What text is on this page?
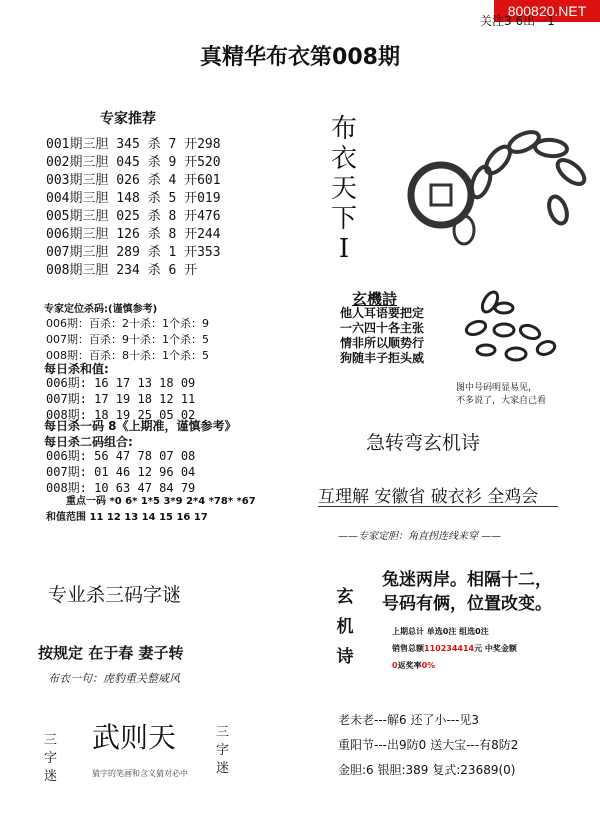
800820.NET
关注3 6出一1
真精华布衣第008期
专家推荐
001期三胆 345 杀 7 开298
002期三胆 045 杀 9 开520
003期三胆 026 杀 4 开601
004期三胆 148 杀 5 开019
005期三胆 025 杀 8 开476
006期三胆 126 杀 8 开244
007期三胆 289 杀 1 开353
008期三胆 234 杀 6 开
专家定位杀码:(谨慎参考)
006期：百杀：2十杀：1个杀：9
007期：百杀：9十杀：1个杀：5
008期：百杀：8十杀：1个杀：5
每日杀和值:
006期: 16 17 13 18 09
007期: 17 19 18 12 11
008期: 18 19 25 05 02
每日杀一码 8《上期准，谨慎参考》
每日杀二码组合:
006期: 56 47 78 07 08
007期: 01 46 12 96 04
008期: 10 63 47 84 79
重点一码 *0 6* 1*5 3*9 2*4 *78* *67
和值范围 11 12 13 14 15 16 17
专业杀三码字谜
按规定 在于春 妻子转
布衣一句：虎豹重关整威风
三字迷
武则天
猜字的笔画和含义猜对必中
三字迷
布衣天下I
玄機詩
他人耳语要把定
一六四十各主张
情非所以顺势行
狗随丰子拒头威
图中号码明显易见，
不多说了，大家自己看
急转弯玄机诗
互理解 安徽省 破衣衫 全鸡会
——专家定胆：角直拐连线来穿 ——
玄机诗
兔迷两岸。相隔十二，
号码有俩，位置改变。
上期总计 单选0注 组选0注
销售总额110234414元 中奖金额
0返奖率0%
老未老---解6 还了小---见3
重阳节---出9防0 送大宝---有8防2
金胆:6 银胆:389 复式:23689(0)
